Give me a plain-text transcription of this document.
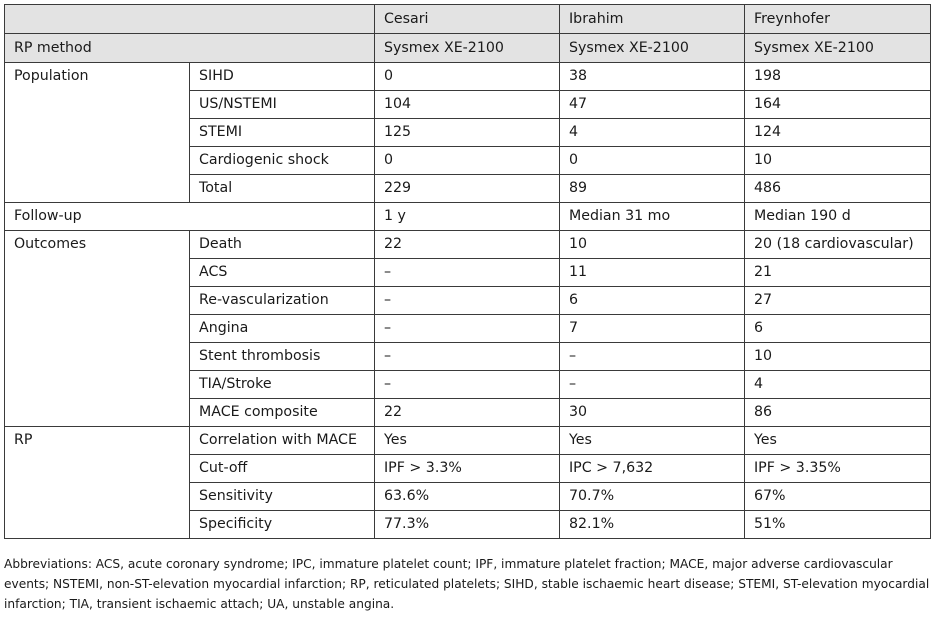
		Cesari	Ibrahim	Freynhofer
RP method		Sysmex XE-2100	Sysmex XE-2100	Sysmex XE-2100
Population	SIHD	0	38	198
	US/NSTEMI	104	47	164
	STEMI	125	4	124
	Cardiogenic shock	0	0	10
	Total	229	89	486
Follow-up		1 y	Median 31 mo	Median 190 d
Outcomes	Death	22	10	20 (18 cardiovascular)
	ACS	–	11	21
	Re-vascularization	–	6	27
	Angina	–	7	6
	Stent thrombosis	–	–	10
	TIA/Stroke	–	–	4
	MACE composite	22	30	86
RP	Correlation with MACE	Yes	Yes	Yes
	Cut-off	IPF > 3.3%	IPC > 7,632	IPF > 3.35%
	Sensitivity	63.6%	70.7%	67%
	Specificity	77.3%	82.1%	51%
Abbreviations: ACS, acute coronary syndrome; IPC, immature platelet count; IPF, immature platelet fraction; MACE, major adverse cardiovascular events; NSTEMI, non-ST-elevation myocardial infarction; RP, reticulated platelets; SIHD, stable ischaemic heart disease; STEMI, ST-elevation myocardial infarction; TIA, transient ischaemic attach; UA, unstable angina.
